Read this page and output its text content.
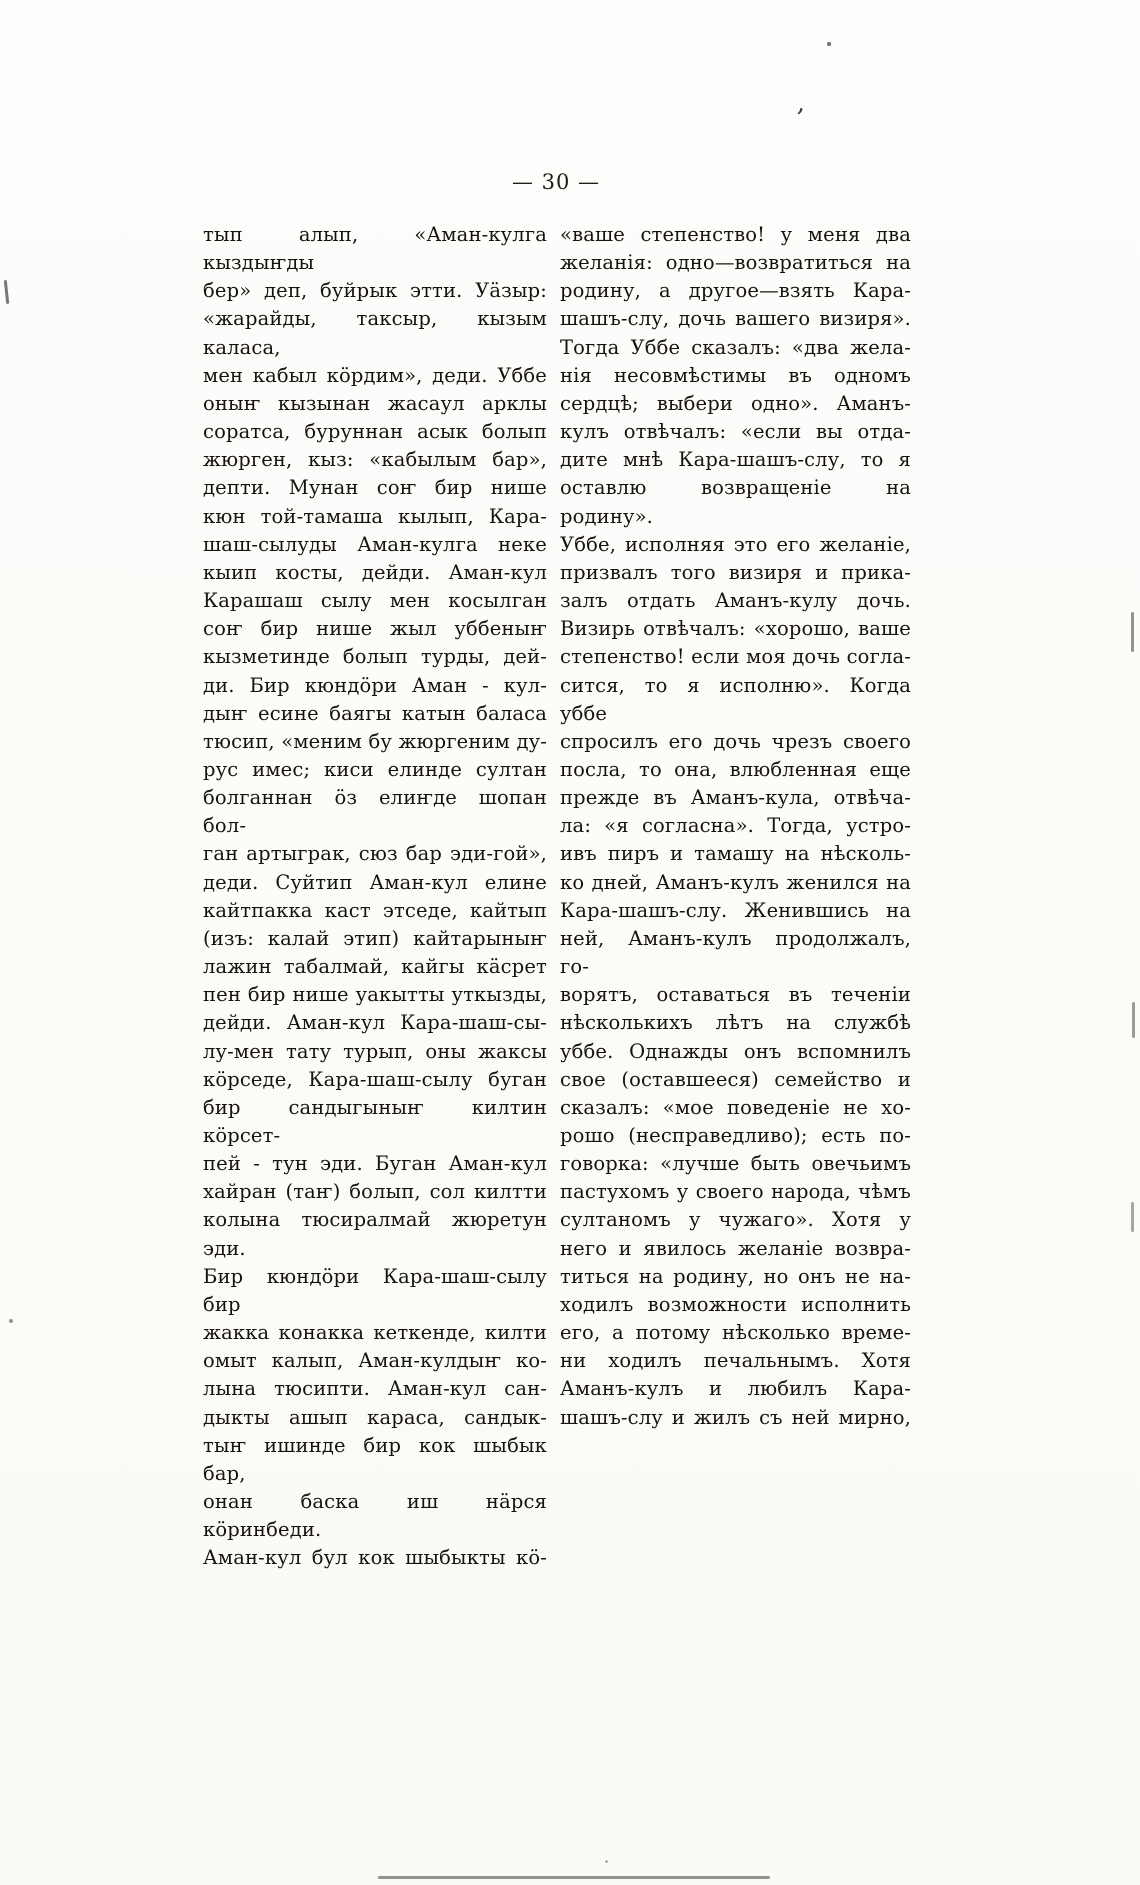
— 30 —
тып алып, «Аман-кулга кыздыҥды
бер» деп, буйрык этти. Уӓзыр:
«жарайды, таксыр, кызым каласа,
мен кабыл кöрдим», деди. Уббе
оныҥ кызынан жасаул арклы
соратса, буруннан асык болып
жюрген, кыз: «кабылым бар»,
депти. Мунан соҥ бир нише
кюн той-тамаша кылып, Кара-
шаш-сылуды Аман-кулга неке
кыип косты, дейди. Аман-кул
Карашаш сылу мен косылган
соҥ бир нише жыл уббеныҥ
кызметинде болып турды, дей-
ди. Бир кюндöри Аман - кул-
дыҥ есине баягы катын баласа
тюсип, «меним бу жюргеним ду-
рус имес; киси елинде султан
болганнан öз елиҥде шопан бол-
ган артыграк, сюз бар эди-гой»,
деди. Суйтип Аман-кул елине
кайтпакка каст этседе, кайтып
(изъ: калай этип) кайтарыныҥ
лажин табалмай, кайгы кäсрет
пен бир нише уакытты уткызды,
дейди. Аман-кул Кара-шаш-сы-
лу-мен тату турып, оны жаксы
кöрседе, Кара-шаш-сылу буган
бир сандыгыныҥ килтин кöрсет-
пей - тун эди. Буган Аман-кул
хайран (таҥ) болып, сол килтти
колына тюсиралмай жюретун эди.
Бир кюндöри Кара-шаш-сылу бир
жакка конакка кеткенде, килти
омыт калып, Аман-кулдыҥ ко-
лына тюсипти. Аман-кул сан-
дыкты ашып караса, сандык-
тыҥ ишинде бир кок шыбык бар,
онан баска иш нäрся кöринбеди.
Аман-кул бул кок шыбыкты кö-
«ваше степенство! у меня два
желанія: одно—возвратиться на
родину, а другое—взять Кара-
шашъ-слу, дочь вашего визиря».
Тогда Уббе сказалъ: «два жела-
нія несовмѣстимы въ одномъ
сердцѣ; выбери одно». Аманъ-
кулъ отвѣчалъ: «если вы отда-
дите мнѣ Кара-шашъ-слу, то я
оставлю возвращеніе на родину».
Уббе, исполняя это его желаніе,
призвалъ того визиря и прика-
залъ отдать Аманъ-кулу дочь.
Визирь отвѣчалъ: «хорошо, ваше
степенство! если моя дочь согла-
сится, то я исполню». Когда уббе
спросилъ его дочь чрезъ своего
посла, то она, влюбленная еще
прежде въ Аманъ-кула, отвѣча-
ла: «я согласна». Тогда, устро-
ивъ пиръ и тамашу на нѣсколь-
ко дней, Аманъ-кулъ женился на
Кара-шашъ-слу. Женившись на
ней, Аманъ-кулъ продолжалъ, го-
ворятъ, оставаться въ теченіи
нѣсколькихъ лѣтъ на службѣ
уббе. Однажды онъ вспомнилъ
свое (оставшееся) семейство и
сказалъ: «мое поведеніе не хо-
рошо (несправедливо); есть по-
говорка: «лучше быть овечьимъ
пастухомъ у своего народа, чѣмъ
султаномъ у чужаго». Хотя у
него и явилось желаніе возвра-
титься на родину, но онъ не на-
ходилъ возможности исполнить
его, а потому нѣсколько време-
ни ходилъ печальнымъ. Хотя
Аманъ-кулъ и любилъ Кара-
шашъ-слу и жилъ съ ней мирно,
’
·
